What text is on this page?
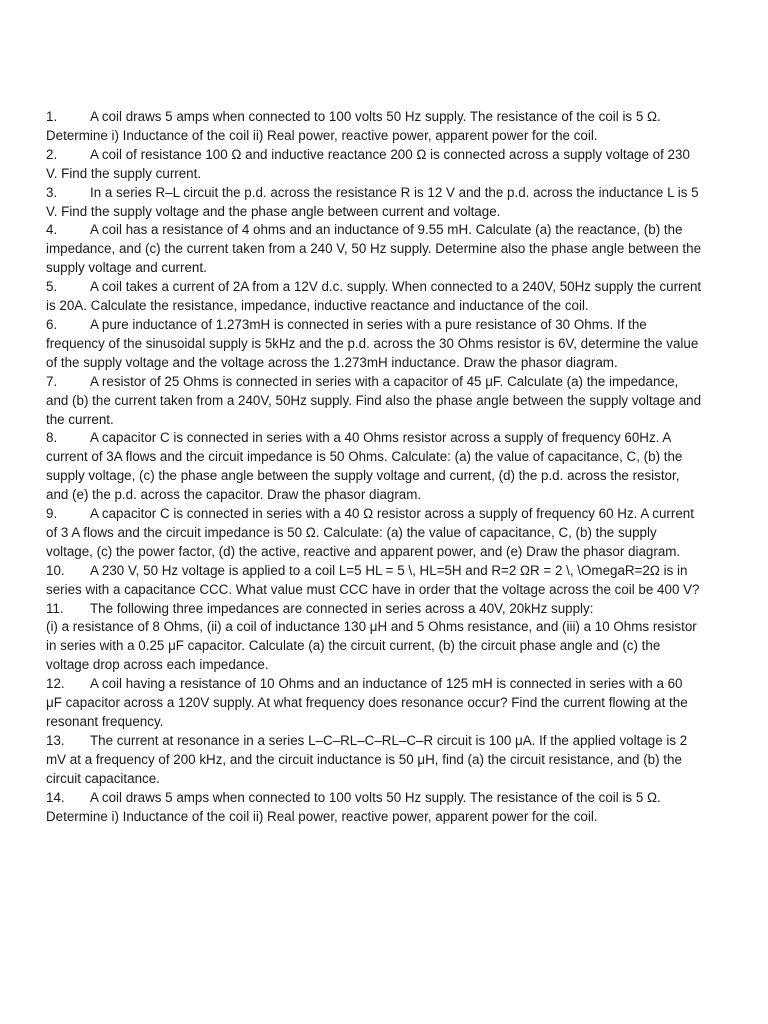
1. A coil draws 5 amps when connected to 100 volts 50 Hz supply. The resistance of the coil is 5 Ω. Determine i) Inductance of the coil ii) Real power, reactive power, apparent power for the coil.

2. A coil of resistance 100 Ω and inductive reactance 200 Ω is connected across a supply voltage of 230 V. Find the supply current.

3. In a series R–L circuit the p.d. across the resistance R is 12 V and the p.d. across the inductance L is 5 V. Find the supply voltage and the phase angle between current and voltage.

4. A coil has a resistance of 4 ohms and an inductance of 9.55 mH. Calculate (a) the reactance, (b) the impedance, and (c) the current taken from a 240 V, 50 Hz supply. Determine also the phase angle between the supply voltage and current.

5. A coil takes a current of 2A from a 12V d.c. supply. When connected to a 240V, 50Hz supply the current is 20A. Calculate the resistance, impedance, inductive reactance and inductance of the coil.

6. A pure inductance of 1.273mH is connected in series with a pure resistance of 30 Ohms. If the frequency of the sinusoidal supply is 5kHz and the p.d. across the 30 Ohms resistor is 6V, determine the value of the supply voltage and the voltage across the 1.273mH inductance. Draw the phasor diagram.

7. A resistor of 25 Ohms is connected in series with a capacitor of 45 μF. Calculate (a) the impedance, and (b) the current taken from a 240V, 50Hz supply. Find also the phase angle between the supply voltage and the current.

8. A capacitor C is connected in series with a 40 Ohms resistor across a supply of frequency 60Hz. A current of 3A flows and the circuit impedance is 50 Ohms. Calculate: (a) the value of capacitance, C, (b) the supply voltage, (c) the phase angle between the supply voltage and current, (d) the p.d. across the resistor, and (e) the p.d. across the capacitor. Draw the phasor diagram.

9. A capacitor C is connected in series with a 40 Ω resistor across a supply of frequency 60 Hz. A current of 3 A flows and the circuit impedance is 50 Ω. Calculate: (a) the value of capacitance, C, (b) the supply voltage, (c) the power factor, (d) the active, reactive and apparent power, and (e) Draw the phasor diagram.

10. A 230 V, 50 Hz voltage is applied to a coil L=5 HL = 5 \, HL=5H and R=2 ΩR = 2 \, \OmegaR=2Ω is in series with a capacitance CCC. What value must CCC have in order that the voltage across the coil be 400 V?

11. The following three impedances are connected in series across a 40V, 20kHz supply:

(i) a resistance of 8 Ohms, (ii) a coil of inductance 130 μH and 5 Ohms resistance, and (iii) a 10 Ohms resistor in series with a 0.25 μF capacitor. Calculate (a) the circuit current, (b) the circuit phase angle and (c) the voltage drop across each impedance.

12. A coil having a resistance of 10 Ohms and an inductance of 125 mH is connected in series with a 60 μF capacitor across a 120V supply. At what frequency does resonance occur? Find the current flowing at the resonant frequency.

13. The current at resonance in a series L–C–RL–C–RL–C–R circuit is 100 μA. If the applied voltage is 2 mV at a frequency of 200 kHz, and the circuit inductance is 50 μH, find (a) the circuit resistance, and (b) the circuit capacitance.

14. A coil draws 5 amps when connected to 100 volts 50 Hz supply. The resistance of the coil is 5 Ω. Determine i) Inductance of the coil ii) Real power, reactive power, apparent power for the coil.
